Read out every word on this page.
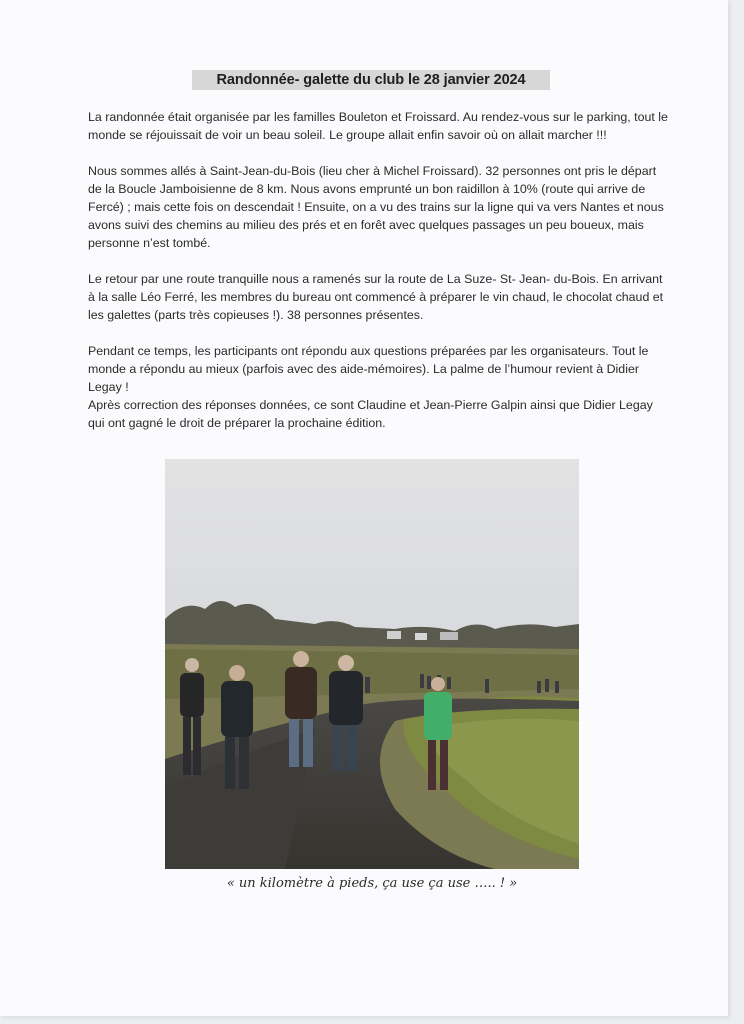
Randonnée- galette du club le 28 janvier 2024

La randonnée était organisée par les familles Bouleton et Froissard. Au rendez-vous sur le parking, tout le monde se réjouissait de voir un beau soleil. Le groupe allait enfin savoir où on allait marcher !!!

Nous sommes allés à Saint-Jean-du-Bois (lieu cher à Michel Froissard). 32 personnes ont pris le départ de la Boucle Jamboisienne de 8 km. Nous avons emprunté un bon raidillon à 10% (route qui arrive de Fercé) ; mais cette fois on descendait ! Ensuite, on a vu des trains sur la ligne qui va vers Nantes et nous avons suivi des chemins au milieu des prés et en forêt avec quelques passages un peu boueux, mais personne n’est tombé.

Le retour par une route tranquille nous a ramenés sur la route de La Suze- St- Jean- du-Bois. En arrivant à la salle Léo Ferré, les membres du bureau ont commencé à préparer le vin chaud, le chocolat chaud et les galettes (parts très copieuses !). 38 personnes présentes.

Pendant ce temps, les participants ont répondu aux questions préparées par les organisateurs. Tout le monde a répondu au mieux (parfois avec des aide-mémoires). La palme de l’humour revient à Didier Legay !

Après correction des réponses données, ce sont Claudine et Jean-Pierre Galpin ainsi que Didier Legay qui ont gagné le droit de préparer la prochaine édition.

« un kilomètre à pieds, ça use ça use ….. ! »
